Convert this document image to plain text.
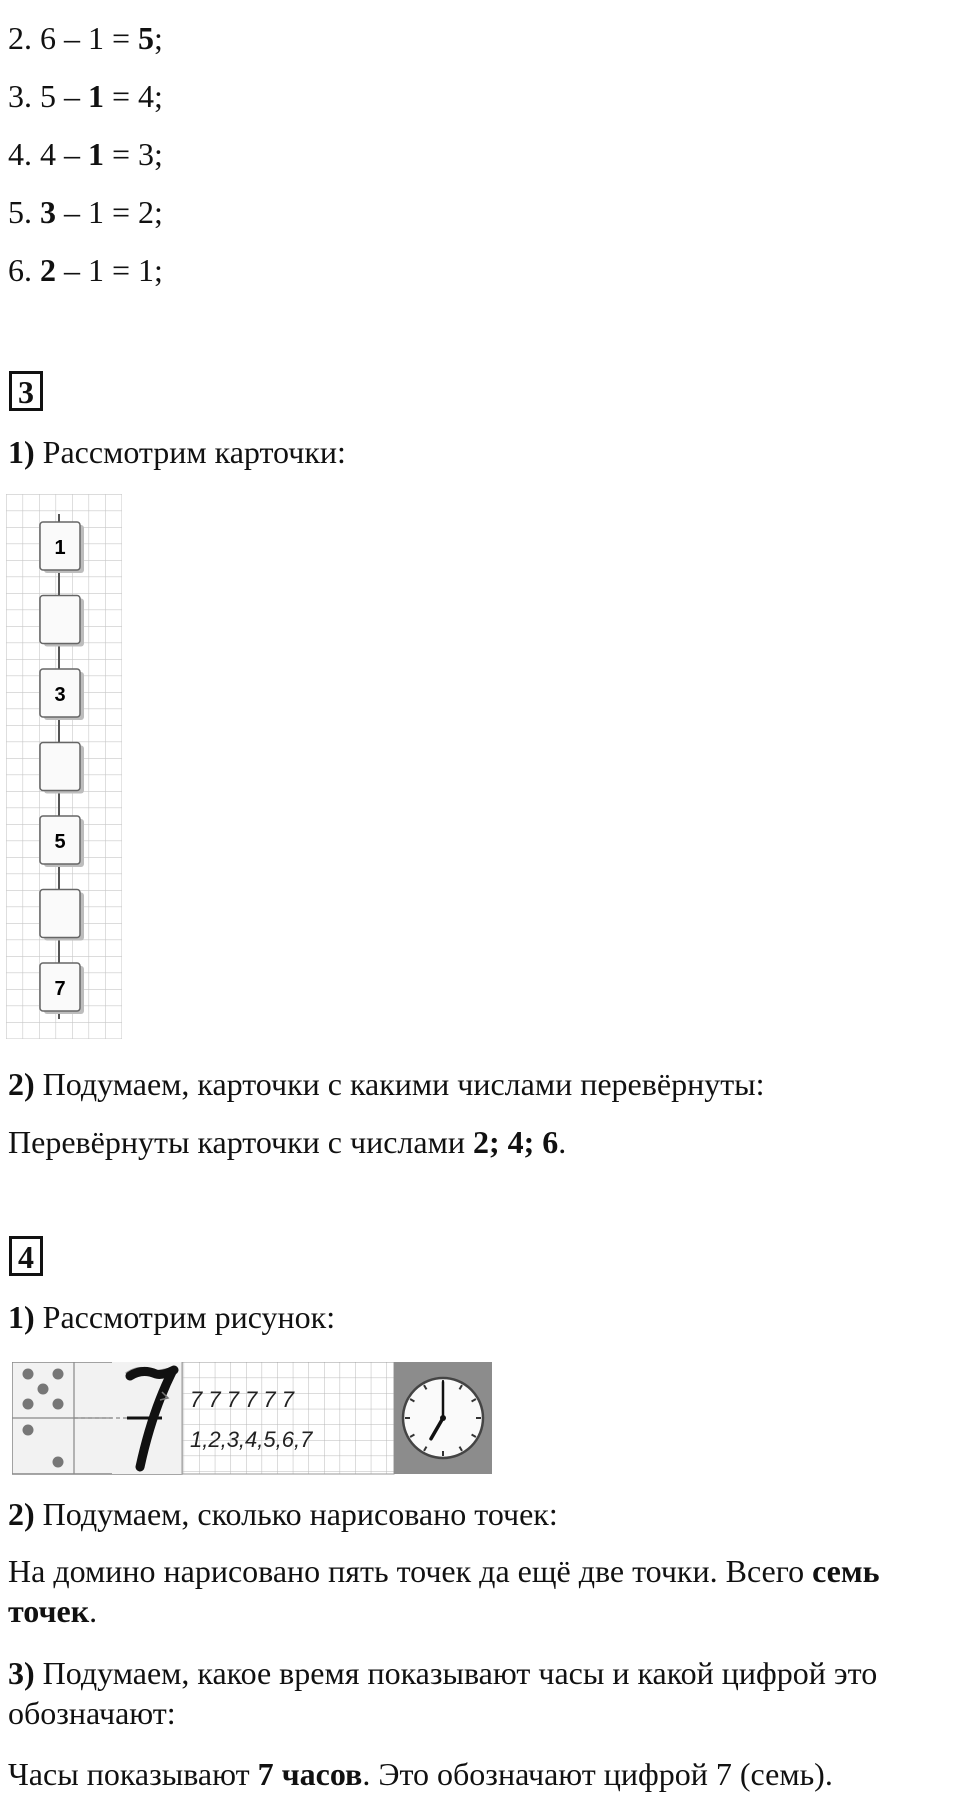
2. 6 – 1 = 5;
3. 5 – 1 = 4;
4. 4 – 1 = 3;
5. 3 – 1 = 2;
6. 2 – 1 = 1;
3
1) Рассмотрим карточки:
1
3
5
7
2) Подумаем, карточки с какими числами перевёрнуты:
Перевёрнуты карточки с числами 2; 4; 6.
4
1) Рассмотрим рисунок:
7 7 7 7 7 7
1,2,3,4,5,6,7
2) Подумаем, сколько нарисовано точек:
На домино нарисовано пять точек да ещё две точки. Всего семь точек.
3) Подумаем, какое время показывают часы и какой цифрой это обозначают:
Часы показывают 7 часов. Это обозначают цифрой 7 (семь).
